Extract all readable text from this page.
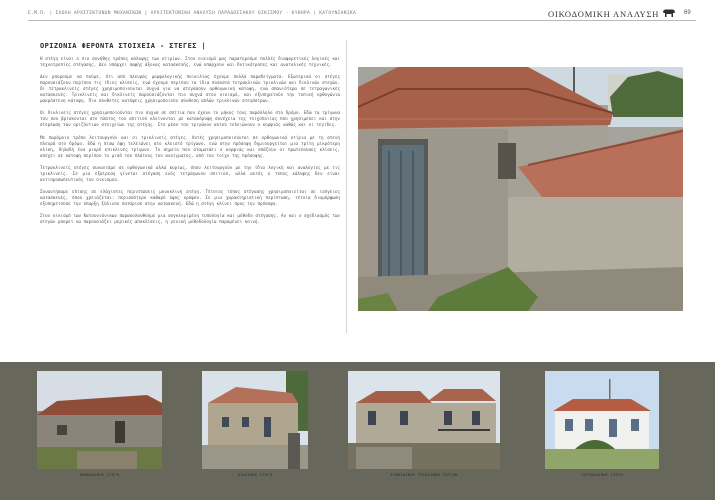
Ε.Μ.Π. | ΣΧΟΛΗ ΑΡΧΙΤΕΚΤΟΝΩΝ ΜΗΧΑΝΙΚΩΝ | ΑΡΧΙΤΕΚΤΟΝΙΚΗ ΑΝΑΛΥΣΗ ΠΑΡΑΔΟΣΙΑΚΟΥ ΟΙΚΙΣΜΟΥ - ΚΥΘΗΡΑ | ΚΑΤΟΥΝΙΑΝΙΚΑ	ΟΙΚΟΔΟΜΙΚΗ ΑΝΑΛΥΣΗ	69
ΟΡΙΖΟΝΙΑ ΦΕΡΟΝΤΑ ΣΤΟΙΧΕΙΑ - ΣΤΕΓΕΣ |

Η στέγη είναι ο πιο συνήθης τρόπος κάλυψης των κτιρίων. Στον οικισμό μας παρατηρούμε πολλές διαφορετικές λογικές και τεχνοτροπίες στέγασης. Δεν υπάρχει σαφής άξονας κατασκευής, ενώ υπάρχουν και δυτικότροπες και ανατολικές τεχνικές.

Δεν μπορούμε να πούμε, ότι από πλευράς μορφολογικής ποικιλίας έχουμε πολλά παραδείγματα. Εξωτερικά οι στέγες παρουσιάζουν περίπου τις ίδιες κλίσεις, ενώ έχουμε περίπου τα ίδια ποσοστά τετρακλινών τρικλινών και δικλινών στεγών. Οι τετρακλινείς στέγες χρησιμοποιούνται συχνά για να στεγάσουν ορθογωνική κάτοψη, ενώ σπανιότερα σε τετραγωνικές κατασκευές. Τρικλινείς και δικλινείς παρουσιάζονται πιο συχνά στον οικισμό, και εξυπηρετούν την τυπική ορθογώνια μακρόστενη κάτοψη. Πιο σύνθετες κατόψεις χρησιμοποιούν σύνθεση απλών τρικλινών στεγάστρων.

Οι δικλινείς στέγες χρησιμοποιούνται πιο συχνά σε σπίτια που έχουν το μήκος τους παράλληλο στο δρόμο. Εδώ τα τρίγωνα του που βρίσκονται στο πλάτος του σπιτιού κλείνονται με κατακόρυφη συνέχεια της τοιχοποιίας που χρησιμεύει και στην στερέωση των οριζόντιων στοιχείων της στέγης. Στο μέσο του τριγώνου αυτού τελειώνουν ο κορφιάς καθώς και οι τεγίδες.

Με παρόμοιο τρόπο λειτουργούν και οι τρικλινείς στέγες. Αυτές χρησιμοποιούνται σε ορθογωνικά κτίρια με τη στενή πλευρά στο δρόμο. Εδώ η πίσω όψη τελειώνει στο κλειστό τρίγωνο, ενώ στην πρόσοψη δημιουργείται μια τρίτη μικρότερη κλίση, δηλαδή ένα μικρό επικλινές τρίγωνο. Το σημείο που σταματάει ο κορφιάς και σπάζουν οι πρωτεύουσες κλίσεις, απέχει σε κάτοψη περίπου το μισό του πλάτους του ανοίγματος, από τον τοίχο της πρόσοψης.

Τετρακλινείς στέγες συναντάμε σε ορθογωνικά αλλά κυρίως, όπου λειτουργούν με την ίδια λογική και αναλογίες με τις τρικλινείς. Σε μια εξαίρεση γίνεται στέγαση ενός τετράγωνου σπιτιού, αλλά αυτός ο τύπος κάλυψης δεν είναι αντιπροσωπευτικός του οικισμού.

Συναντήσαμε επίσης σε ελάχιστες περιπτώσεις μονοκλινή στέγη. Τέτοιος τύπος στέγασης χρησιμοποιείται σε ισόγειες κατασκευές, όπου χρειάζεται: περισσότερο καθαρό ύψος ορόφου. Σε μια χαρακτηριστική περίπτωση, τέτοια διαμόρφωση εξυπηρετούσε την ύπαρξη ξύλινου πατάριού στην κατασκευή. Εδώ η στέγη κλίνει προς την πρόσοψη.

Στον οικισμό των Κατουνιάνικων παρακολουθούμε μια συγκεκριμένη τυπολογία και μέθοδο στέγασης. Αν και ο σχεδιασμός των στεγών μπορεί να παρουσιάζει μερικές αποκλίσεις, η γενική μεθοδολογία παραμένει κοινή.

ΜΟΝΟΚΛΙΝΗΣ ΣΤΕΓΗ	ΔΙΚΛΙΝΗΣ ΣΤΕΓΗ	ΣΥΝΔΥΑΣΜΟΣ ΤΡΙΚΛΙΝΩΝ ΣΤΕΓΩΝ	ΤΕΤΡΑΚΛΙΝΗΣ ΣΤΕΓΗ
